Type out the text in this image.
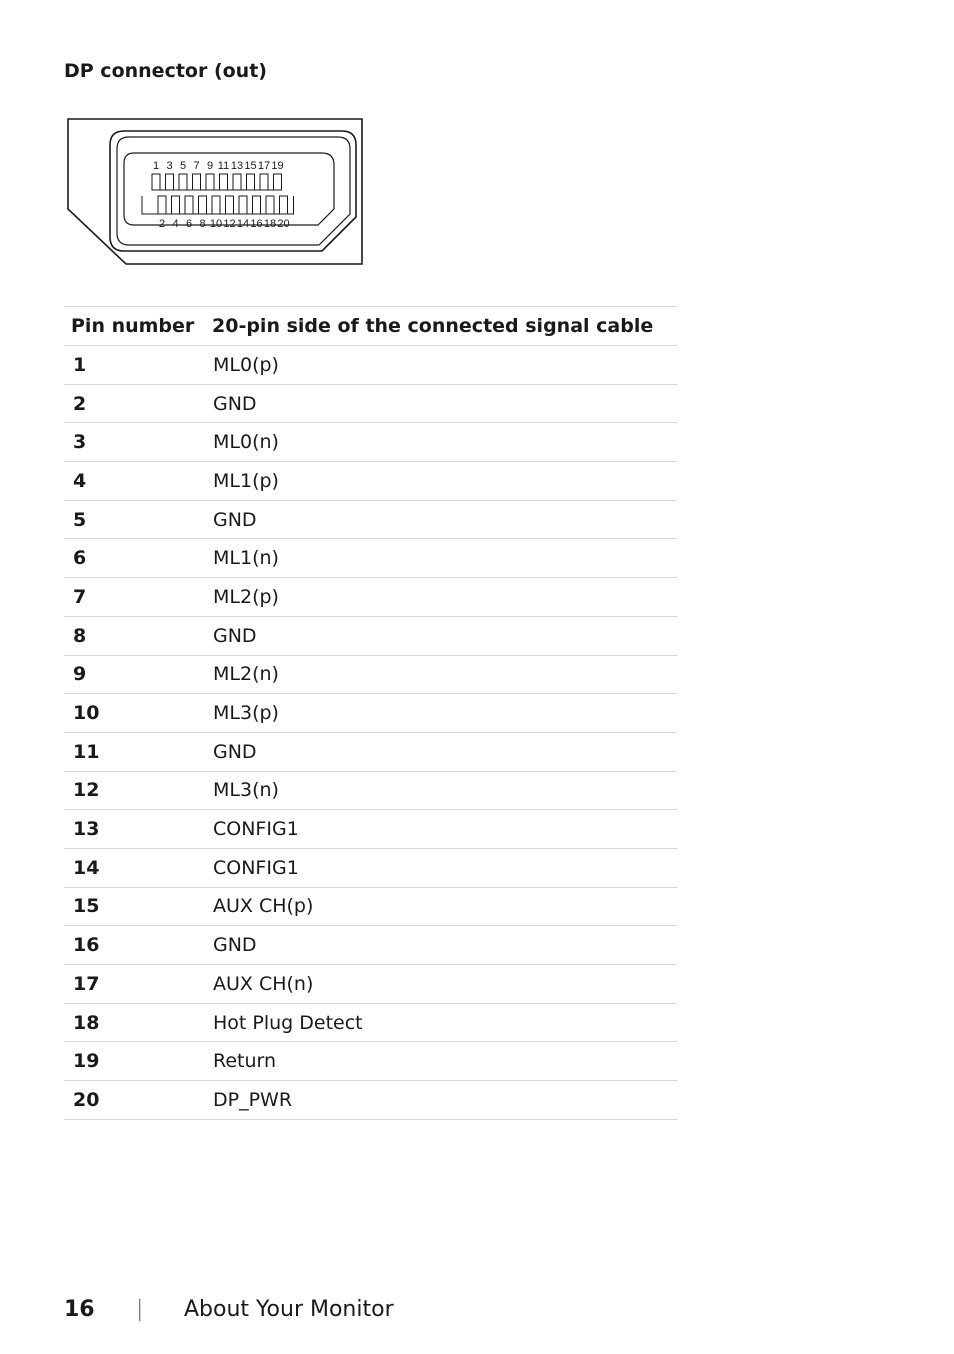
DP connector (out)
1 3 5 7 9 11 13 15 17 19
2 4 6 8 10 12 14 16 18 20
Pin number	20-pin side of the connected signal cable
1	ML0(p)
2	GND
3	ML0(n)
4	ML1(p)
5	GND
6	ML1(n)
7	ML2(p)
8	GND
9	ML2(n)
10	ML3(p)
11	GND
12	ML3(n)
13	CONFIG1
14	CONFIG1
15	AUX CH(p)
16	GND
17	AUX CH(n)
18	Hot Plug Detect
19	Return
20	DP_PWR
16	|	About Your Monitor
